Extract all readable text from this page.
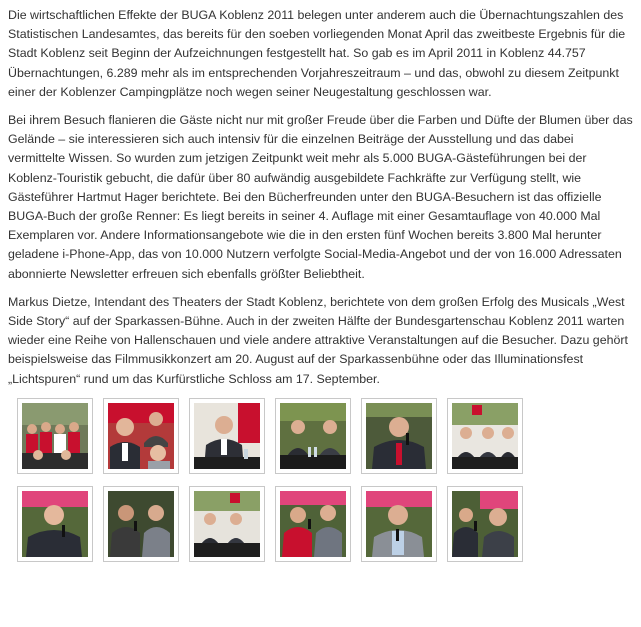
Die wirtschaftlichen Effekte der BUGA Koblenz 2011 belegen unter anderem auch die Übernachtungszahlen des Statistischen Landesamtes, das bereits für den soeben vorliegenden Monat April das zweitbeste Ergebnis für die Stadt Koblenz seit Beginn der Aufzeichnungen festgestellt hat. So gab es im April 2011 in Koblenz 44.757 Übernachtungen, 6.289 mehr als im entsprechenden Vorjahreszeitraum – und das, obwohl zu diesem Zeitpunkt einer der Koblenzer Campingplätze noch wegen seiner Neugestaltung geschlossen war.

Bei ihrem Besuch flanieren die Gäste nicht nur mit großer Freude über die Farben und Düfte der Blumen über das Gelände – sie interessieren sich auch intensiv für die einzelnen Beiträge der Ausstellung und das dabei vermittelte Wissen. So wurden zum jetzigen Zeitpunkt weit mehr als 5.000 BUGA-Gästeführungen bei der Koblenz-Touristik gebucht, die dafür über 80 aufwändig ausgebildete Fachkräfte zur Verfügung stellt, wie Gästeführer Hartmut Hager berichtete. Bei den Bücherfreunden unter den BUGA-Besuchern ist das offizielle BUGA-Buch der große Renner: Es liegt bereits in seiner 4. Auflage mit einer Gesamtauflage von 40.000 Mal Exemplaren vor. Andere Informationsangebote wie die in den ersten fünf Wochen bereits 3.800 Mal herunter geladene i-Phone-App, das von 10.000 Nutzern verfolgte Social-Media-Angebot und der von 16.000 Adressaten abonnierte Newsletter erfreuen sich ebenfalls größter Beliebtheit.

Markus Dietze, Intendant des Theaters der Stadt Koblenz, berichtete von dem großen Erfolg des Musicals „West Side Story“ auf der Sparkassen-Bühne. Auch in der zweiten Hälfte der Bundesgartenschau Koblenz 2011 warten wieder eine Reihe von Hallenschauen und viele andere attraktive Veranstaltungen auf die Besucher. Dazu gehört beispielsweise das Filmmusikkonzert am 20. August auf der Sparkassenbühne oder das Illuminationsfest „Lichtspuren“ rund um das Kurfürstliche Schloss am 17. September.
